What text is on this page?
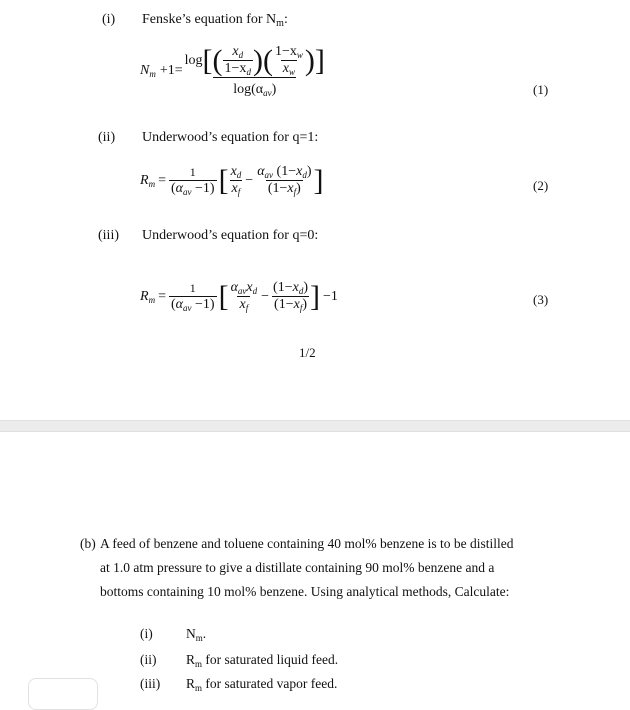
(i) Fenske’s equation for $N_m$:
$N_m +1=$
log [ ( $\frac{x_d}{1-x_d}$ ) ( $\frac{1-x_w}{x_w}$ ) ]
$\log(\alpha_{av})$	(1)
(ii) Underwood’s equation for q=1:
$R_m = \frac{1}{(\alpha_{av} -1)}$ [ $\frac{x_d}{x_f} - \frac{\alpha_{av} (1-x_d)}{(1-x_f)}$ ]	(2)
(iii) Underwood’s equation for q=0:
$R_m = \frac{1}{(\alpha_{av} -1)}$ [ $\frac{\alpha_{av}x_d}{x_f} - \frac{(1-x_d)}{(1-x_f)}$ ] −1	(3)
1/2
(b) A feed of benzene and toluene containing 40 mol% benzene is to be distilled
at 1.0 atm pressure to give a distillate containing 90 mol% benzene and a
bottoms containing 10 mol% benzene. Using analytical methods, Calculate:
(i) $N_m$.
(ii) $R_m$ for saturated liquid feed.
(iii) $R_m$ for saturated vapor feed.
